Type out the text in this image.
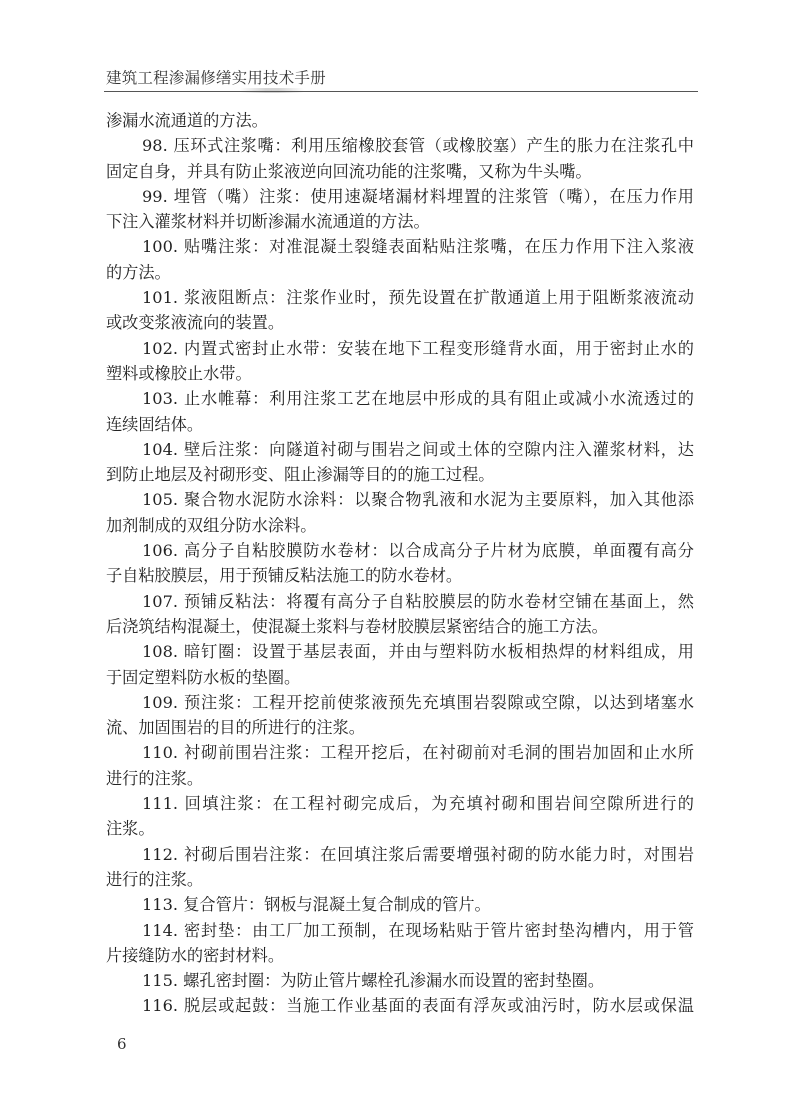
建筑工程渗漏修缮实用技术手册
渗漏水流通道的方法。
98. 压环式注浆嘴：利用压缩橡胶套管（或橡胶塞）产生的胀力在注浆孔中
固定自身，并具有防止浆液逆向回流功能的注浆嘴，又称为牛头嘴。
99. 埋管（嘴）注浆：使用速凝堵漏材料埋置的注浆管（嘴），在压力作用
下注入灌浆材料并切断渗漏水流通道的方法。
100. 贴嘴注浆：对准混凝土裂缝表面粘贴注浆嘴，在压力作用下注入浆液
的方法。
101. 浆液阻断点：注浆作业时，预先设置在扩散通道上用于阻断浆液流动
或改变浆液流向的装置。
102. 内置式密封止水带：安装在地下工程变形缝背水面，用于密封止水的
塑料或橡胶止水带。
103. 止水帷幕：利用注浆工艺在地层中形成的具有阻止或减小水流透过的
连续固结体。
104. 壁后注浆：向隧道衬砌与围岩之间或土体的空隙内注入灌浆材料，达
到防止地层及衬砌形变、阻止渗漏等目的的施工过程。
105. 聚合物水泥防水涂料：以聚合物乳液和水泥为主要原料，加入其他添
加剂制成的双组分防水涂料。
106. 高分子自粘胶膜防水卷材：以合成高分子片材为底膜，单面覆有高分
子自粘胶膜层，用于预铺反粘法施工的防水卷材。
107. 预铺反粘法：将覆有高分子自粘胶膜层的防水卷材空铺在基面上，然
后浇筑结构混凝土，使混凝土浆料与卷材胶膜层紧密结合的施工方法。
108. 暗钉圈：设置于基层表面，并由与塑料防水板相热焊的材料组成，用
于固定塑料防水板的垫圈。
109. 预注浆：工程开挖前使浆液预先充填围岩裂隙或空隙，以达到堵塞水
流、加固围岩的目的所进行的注浆。
110. 衬砌前围岩注浆：工程开挖后，在衬砌前对毛洞的围岩加固和止水所
进行的注浆。
111. 回填注浆：在工程衬砌完成后，为充填衬砌和围岩间空隙所进行的
注浆。
112. 衬砌后围岩注浆：在回填注浆后需要增强衬砌的防水能力时，对围岩
进行的注浆。
113. 复合管片：钢板与混凝土复合制成的管片。
114. 密封垫：由工厂加工预制，在现场粘贴于管片密封垫沟槽内，用于管
片接缝防水的密封材料。
115. 螺孔密封圈：为防止管片螺栓孔渗漏水而设置的密封垫圈。
116. 脱层或起鼓：当施工作业基面的表面有浮灰或油污时，防水层或保温
6
